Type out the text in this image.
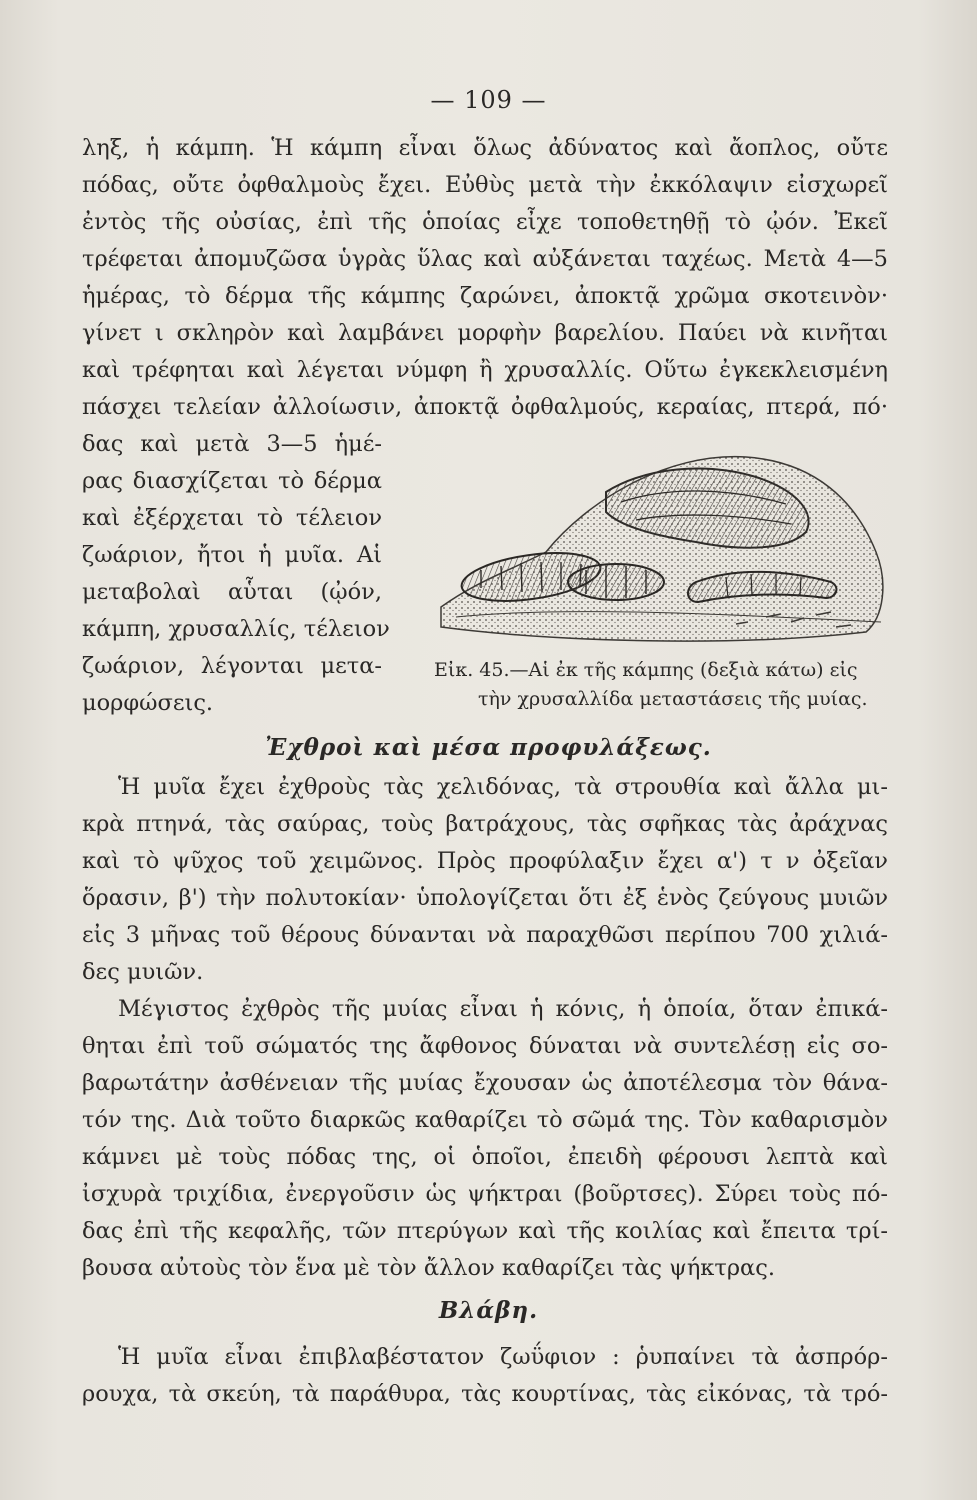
— 109 —
ληξ, ἡ κάμπη. Ἡ κάμπη εἶναι ὅλως ἀδύνατος καὶ ἄοπλος, οὔτε
πόδας, οὔτε ὀφθαλμοὺς ἔχει. Εὐθὺς μετὰ τὴν ἐκκόλαψιν εἰσχωρεῖ
ἐντὸς τῆς οὐσίας, ἐπὶ τῆς ὁποίας εἶχε τοποθετηθῇ τὸ ᾠόν. Ἐκεῖ
τρέφεται ἀπομυζῶσα ὑγρὰς ὕλας καὶ αὐξάνεται ταχέως. Μετὰ 4—5
ἡμέρας, τὸ δέρμα τῆς κάμπης ζαρώνει, ἀποκτᾷ χρῶμα σκοτεινὸν·
γίνετ ι σκληρὸν καὶ λαμβάνει μορφὴν βαρελίου. Παύει νὰ κινῆται
καὶ τρέφηται καὶ λέγεται νύμφη ἢ χρυσαλλίς. Οὕτω ἐγκεκλεισμένη
πάσχει τελείαν ἀλλοίωσιν, ἀποκτᾷ ὀφθαλμούς, κεραίας, πτερά, πό·
δας καὶ μετὰ 3—5 ἡμέ-
ρας διασχίζεται τὸ δέρμα
καὶ ἐξέρχεται τὸ τέλειον
ζωάριον, ἤτοι ἡ μυῖα. Αἱ
μεταβολαὶ αὗται (ᾠόν,
κάμπη, χρυσαλλίς, τέλειον
ζωάριον, λέγονται μετα-
μορφώσεις.
Εἰκ. 45.—Αἱ ἐκ τῆς κάμπης (δεξιὰ κάτω) εἰς
τὴν χρυσαλλίδα μεταστάσεις τῆς μυίας.
Ἐχθροὶ καὶ μέσα προφυλάξεως.
Ἡ μυῖα ἔχει ἐχθροὺς τὰς χελιδόνας, τὰ στρουθία καὶ ἄλλα μι-
κρὰ πτηνά, τὰς σαύρας, τοὺς βατράχους, τὰς σφῆκας τὰς ἀράχνας
καὶ τὸ ψῦχος τοῦ χειμῶνος. Πρὸς προφύλαξιν ἔχει α') τ ν ὀξεῖαν
ὅρασιν, β') τὴν πολυτοκίαν· ὑπολογίζεται ὅτι ἐξ ἑνὸς ζεύγους μυιῶν
εἰς 3 μῆνας τοῦ θέρους δύνανται νὰ παραχθῶσι περίπου 700 χιλιά-
δες μυιῶν.
Μέγιστος ἐχθρὸς τῆς μυίας εἶναι ἡ κόνις, ἡ ὁποία, ὅταν ἐπικά-
θηται ἐπὶ τοῦ σώματός της ἄφθονος δύναται νὰ συντελέσῃ εἰς σο-
βαρωτάτην ἀσθένειαν τῆς μυίας ἔχουσαν ὡς ἀποτέλεσμα τὸν θάνα-
τόν της. Διὰ τοῦτο διαρκῶς καθαρίζει τὸ σῶμά της. Τὸν καθαρισμὸν
κάμνει μὲ τοὺς πόδας της, οἱ ὁποῖοι, ἐπειδὴ φέρουσι λεπτὰ καὶ
ἰσχυρὰ τριχίδια, ἐνεργοῦσιν ὡς ψήκτραι (βοῦρτσες). Σύρει τοὺς πό-
δας ἐπὶ τῆς κεφαλῆς, τῶν πτερύγων καὶ τῆς κοιλίας καὶ ἔπειτα τρί-
βουσα αὐτοὺς τὸν ἕνα μὲ τὸν ἄλλον καθαρίζει τὰς ψήκτρας.
Βλάβη.
Ἡ μυῖα εἶναι ἐπιβλαβέστατον ζωΰφιον : ῥυπαίνει τὰ ἀσπρόρ-
ρουχα, τὰ σκεύη, τὰ παράθυρα, τὰς κουρτίνας, τὰς εἰκόνας, τὰ τρό-
